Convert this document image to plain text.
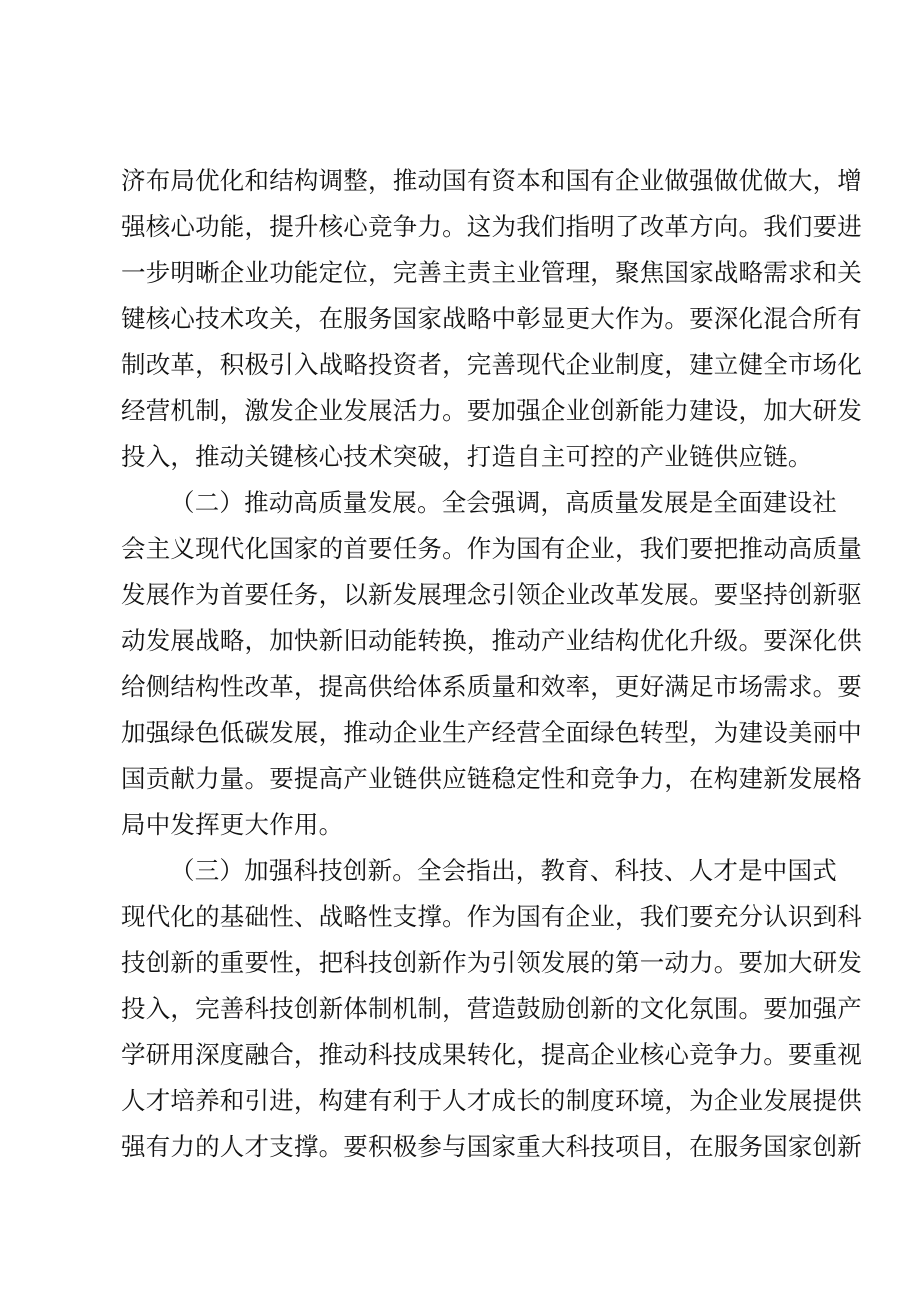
济布局优化和结构调整，推动国有资本和国有企业做强做优做大，增
强核心功能，提升核心竞争力。这为我们指明了改革方向。我们要进
一步明晰企业功能定位，完善主责主业管理，聚焦国家战略需求和关
键核心技术攻关，在服务国家战略中彰显更大作为。要深化混合所有
制改革，积极引入战略投资者，完善现代企业制度，建立健全市场化
经营机制，激发企业发展活力。要加强企业创新能力建设，加大研发
投入，推动关键核心技术突破，打造自主可控的产业链供应链。
（二）推动高质量发展。全会强调，高质量发展是全面建设社
会主义现代化国家的首要任务。作为国有企业，我们要把推动高质量
发展作为首要任务，以新发展理念引领企业改革发展。要坚持创新驱
动发展战略，加快新旧动能转换，推动产业结构优化升级。要深化供
给侧结构性改革，提高供给体系质量和效率，更好满足市场需求。要
加强绿色低碳发展，推动企业生产经营全面绿色转型，为建设美丽中
国贡献力量。要提高产业链供应链稳定性和竞争力，在构建新发展格
局中发挥更大作用。
（三）加强科技创新。全会指出，教育、科技、人才是中国式
现代化的基础性、战略性支撑。作为国有企业，我们要充分认识到科
技创新的重要性，把科技创新作为引领发展的第一动力。要加大研发
投入，完善科技创新体制机制，营造鼓励创新的文化氛围。要加强产
学研用深度融合，推动科技成果转化，提高企业核心竞争力。要重视
人才培养和引进，构建有利于人才成长的制度环境，为企业发展提供
强有力的人才支撑。要积极参与国家重大科技项目，在服务国家创新
